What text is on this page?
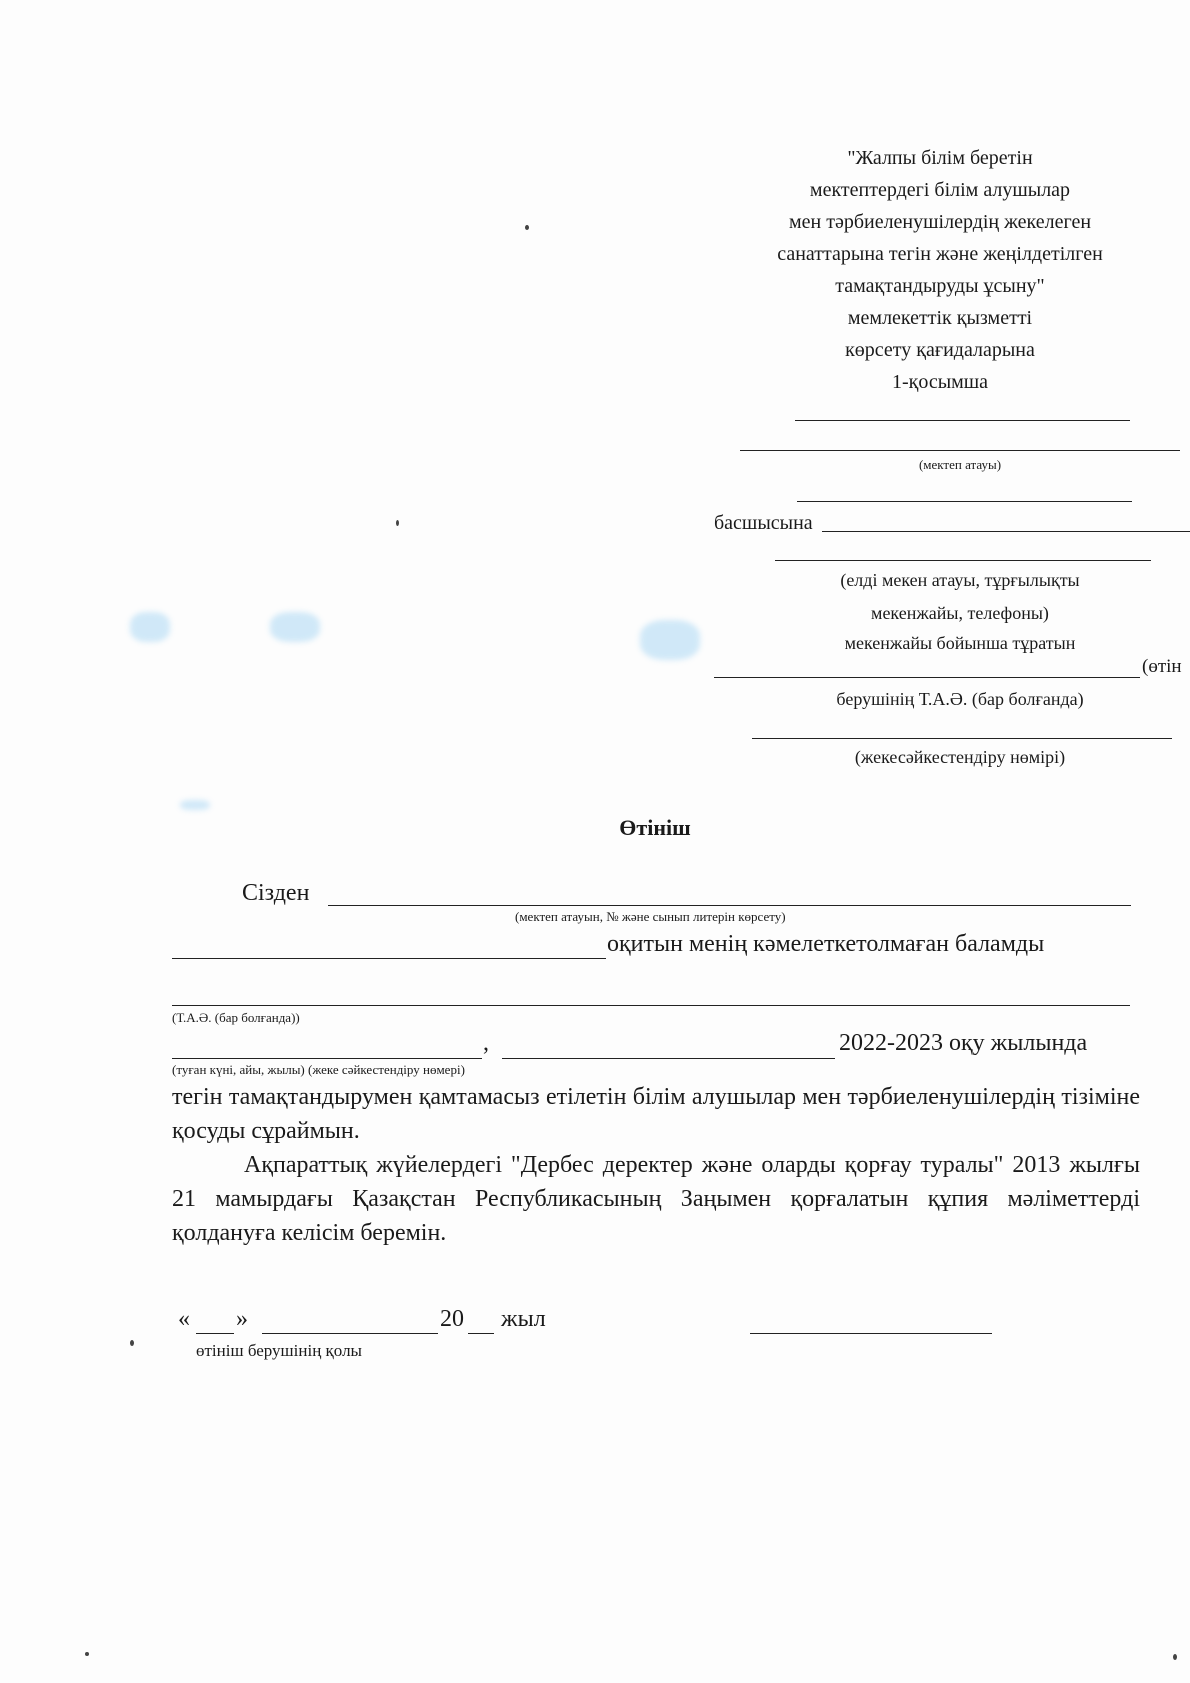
"Жалпы білім беретін
мектептердегі білім алушылар
мен тәрбиеленушілердің жекелеген
санаттарына тегін және жеңілдетілген
тамақтандыруды ұсыну"
мемлекеттік қызметті
көрсету қағидаларына
1-қосымша
(мектеп атауы)
басшысына
(елді мекен атауы, тұрғылықты
мекенжайы, телефоны)
мекенжайы бойынша тұратын
(өтін
берушінің Т.А.Ә. (бар болғанда)
(жекесәйкестендіру нөмірі)
Өтініш
Сізден
(мектеп атауын, № және сынып литерін көрсету)
оқитын менің кәмелеткетолмаған баламды
(Т.А.Ә. (бар болғанда))
,	2022-2023 оқу жылында
(туған күні, айы, жылы) (жеке сәйкестендіру нөмері)
тегін тамақтандырумен қамтамасыз етілетін білім алушылар мен тәрбиеленушілердің тізіміне қосуды сұраймын.
Ақпараттық жүйелердегі "Дербес деректер және оларды қорғау туралы" 2013 жылғы 21 мамырдағы Қазақстан Республикасының Заңымен қорғалатын құпия мәліметтерді қолдануға келісім беремін.
« »	20 жыл
өтініш берушінің қолы
